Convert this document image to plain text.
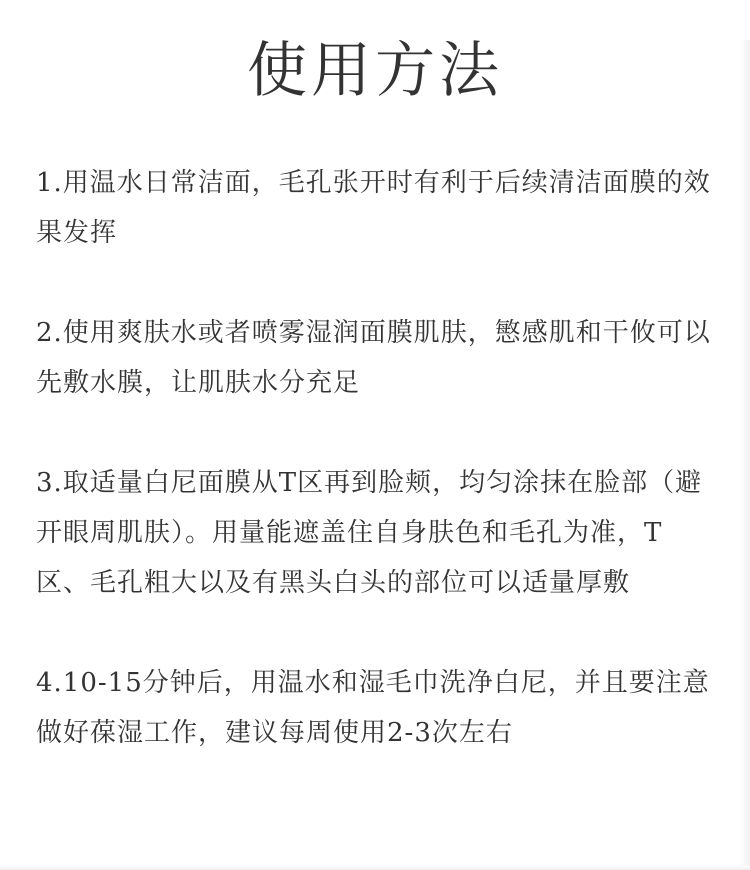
使用方法
1.用温水日常洁面，毛孔张开时有利于后续清洁面膜的效果发挥
2.使用爽肤水或者喷雾湿润面膜肌肤，慜感肌和干攸可以先敷水膜，让肌肤水分充足
3.取适量白尼面膜从T区再到脸颊，均匀涂抹在脸部（避开眼周肌肤）。用量能遮盖住自身肤色和毛孔为准，T区、毛孔粗大以及有黑头白头的部位可以适量厚敷
4.10-15分钟后，用温水和湿毛巾洗净白尼，并且要注意做好葆湿工作，建议每周使用2-3次左右
